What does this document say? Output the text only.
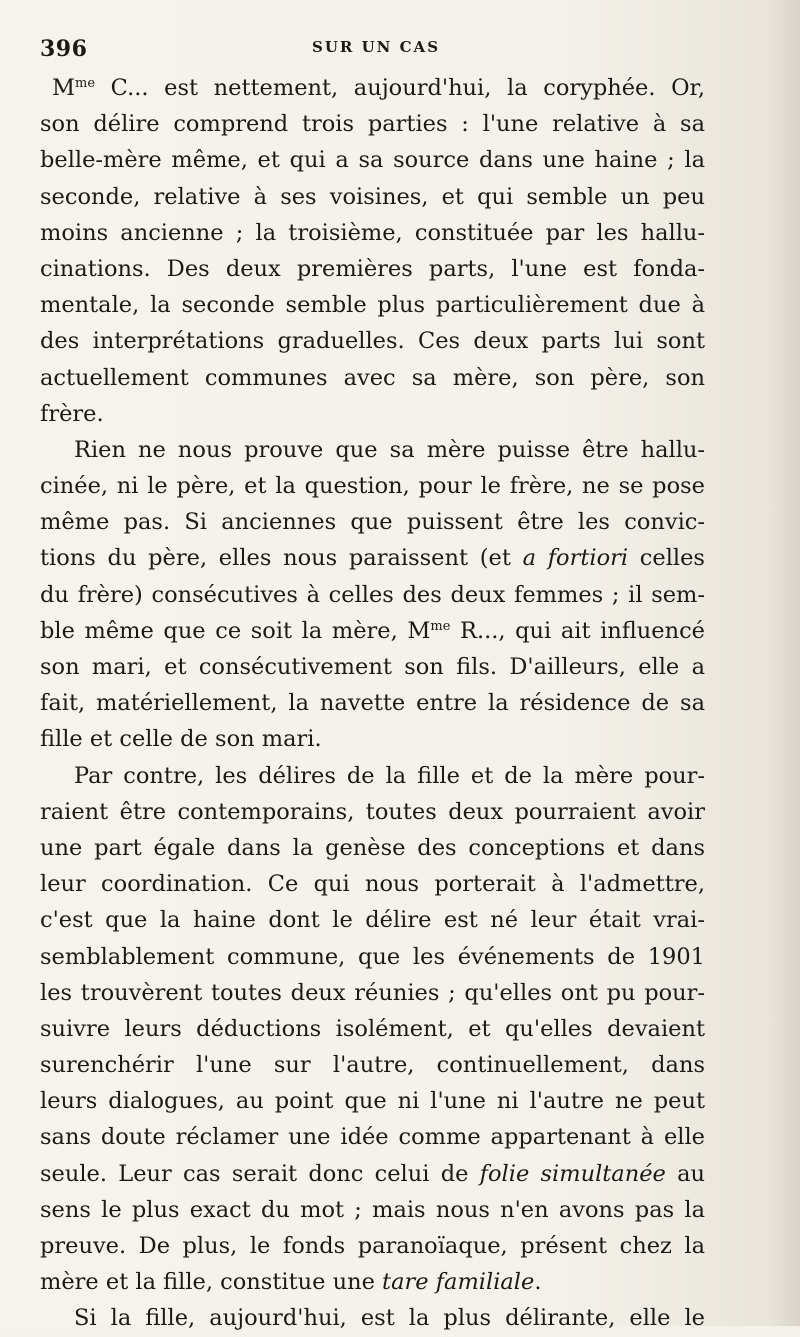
396	SUR UN CAS
$M^{me}$ C... est nettement, aujourd'hui, la coryphée. Or,
son délire comprend trois parties : l'une relative à sa
belle-mère même, et qui a sa source dans une haine ; la
seconde, relative à ses voisines, et qui semble un peu
moins ancienne ; la troisième, constituée par les hallu-
cinations. Des deux premières parts, l'une est fonda-
mentale, la seconde semble plus particulièrement due à
des interprétations graduelles. Ces deux parts lui sont
actuellement communes avec sa mère, son père, son
frère.
Rien ne nous prouve que sa mère puisse être hallu-
cinée, ni le père, et la question, pour le frère, ne se pose
même pas. Si anciennes que puissent être les convic-
tions du père, elles nous paraissent (et a fortiori celles
du frère) consécutives à celles des deux femmes ; il sem-
ble même que ce soit la mère, $M^{me}$ R..., qui ait influencé
son mari, et consécutivement son fils. D'ailleurs, elle a
fait, matériellement, la navette entre la résidence de sa
fille et celle de son mari.
Par contre, les délires de la fille et de la mère pour-
raient être contemporains, toutes deux pourraient avoir
une part égale dans la genèse des conceptions et dans
leur coordination. Ce qui nous porterait à l'admettre,
c'est que la haine dont le délire est né leur était vrai-
semblablement commune, que les événements de 1901
les trouvèrent toutes deux réunies ; qu'elles ont pu pour-
suivre leurs déductions isolément, et qu'elles devaient
surenchérir l'une sur l'autre, continuellement, dans
leurs dialogues, au point que ni l'une ni l'autre ne peut
sans doute réclamer une idée comme appartenant à elle
seule. Leur cas serait donc celui de folie simultanée au
sens le plus exact du mot ; mais nous n'en avons pas la
preuve. De plus, le fonds paranoïaque, présent chez la
mère et la fille, constitue une tare familiale.
Si la fille, aujourd'hui, est la plus délirante, elle le
